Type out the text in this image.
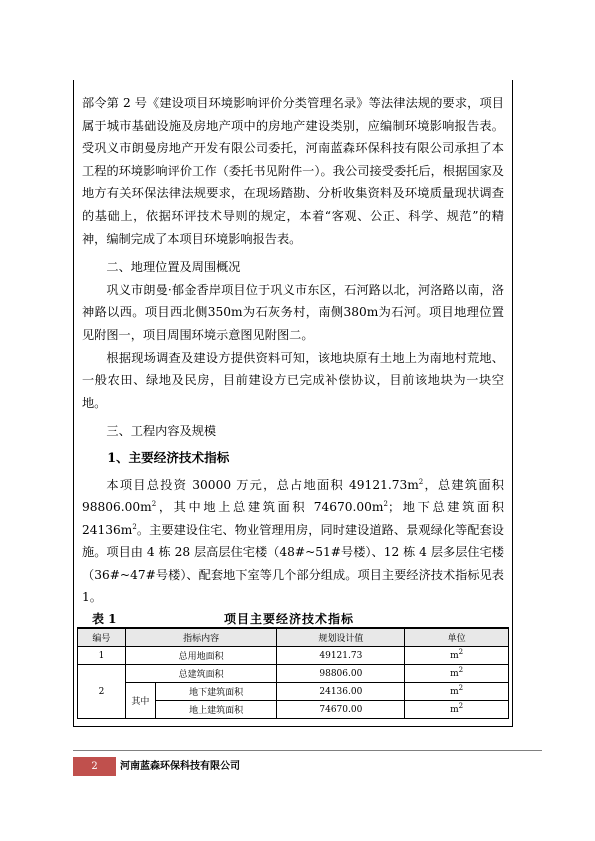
部令第 2 号《建设项目环境影响评价分类管理名录》等法律法规的要求，项目属于城市基础设施及房地产项中的房地产建设类别，应编制环境影响报告表。受巩义市朗曼房地产开发有限公司委托，河南蓝森环保科技有限公司承担了本工程的环境影响评价工作（委托书见附件一）。我公司接受委托后，根据国家及地方有关环保法律法规要求，在现场踏勘、分析收集资料及环境质量现状调查的基础上，依据环评技术导则的规定，本着“客观、公正、科学、规范”的精神，编制完成了本项目环境影响报告表。

二、地理位置及周围概况

巩义市朗曼·郁金香岸项目位于巩义市东区，石河路以北，河洛路以南，洛神路以西。项目西北侧350m为石灰务村，南侧380m为石河。项目地理位置见附图一，项目周围环境示意图见附图二。

根据现场调查及建设方提供资料可知，该地块原有土地上为南地村荒地、一般农田、绿地及民房，目前建设方已完成补偿协议，目前该地块为一块空地。

三、工程内容及规模

1、主要经济技术指标

本项目总投资 30000 万元，总占地面积 $49121.73m^2$，总建筑面积 $98806.00m^2$，其中地上总建筑面积 $74670.00m^2$；地下总建筑面积 $24136m^2$。主要建设住宅、物业管理用房，同时建设道路、景观绿化等配套设施。项目由 4 栋 28 层高层住宅楼（48#~51#号楼）、12 栋 4 层多层住宅楼（36#~47#号楼）、配套地下室等几个部分组成。项目主要经济技术指标见表 1。

表 1	项目主要经济技术指标
编号	指标内容		规划设计值	单位
1	总用地面积		49121.73	$m^2$
2	总建筑面积		98806.00	$m^2$
	其中	地下建筑面积	24136.00	$m^2$
		地上建筑面积	74670.00	$m^2$
2	河南蓝森环保科技有限公司
